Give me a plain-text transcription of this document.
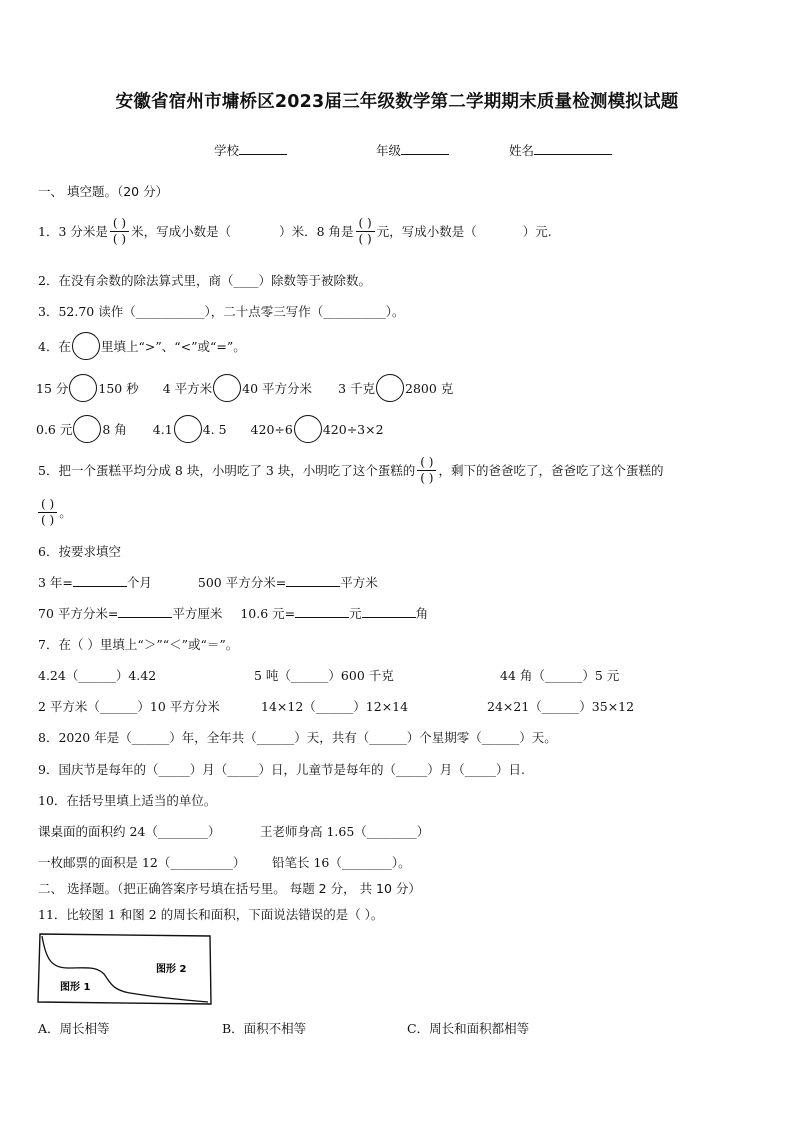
安徽省宿州市墉桥区2023届三年级数学第二学期期末质量检测模拟试题
学校	年级	姓名
一、 填空题。（20 分）
1．3 分米是 $\frac{( )}{( )}$ 米，写成小数是（	）米．8 角是 $\frac{( )}{( )}$ 元，写成小数是（	）元.
2．在没有余数的除法算式里，商（____）除数等于被除数。
3．52.70 读作（___________），二十点零三写作（__________）。
4．在 里填上“>”、“<”或“=”。
15 分 150 秒 4 平方米 40 平方分米 3 千克 2800 克
0.6 元 8 角 4.1 4. 5 420÷6 420÷3×2
5．把一个蛋糕平均分成 8 块，小明吃了 3 块，小明吃了这个蛋糕的 $\frac{( )}{( )}$ ，剩下的爸爸吃了，爸爸吃了这个蛋糕的
$\frac{( )}{( )}$ 。
6．按要求填空
3 年=	个月	500 平方分米=	平方米
70 平方分米=	平方厘米 10.6 元=	元	角
7．在（ ）里填上“＞”“＜”或“＝”。
4.24（______）4.42	5 吨（______）600 千克	44 角（______）5 元
2 平方米（______）10 平方分米	14×12（______）12×14	24×21（______）35×12
8．2020 年是（______）年，全年共（______）天，共有（______）个星期零（______）天。
9．国庆节是每年的（_____）月（_____）日，儿童节是每年的（_____）月（_____）日.
10．在括号里填上适当的单位。
课桌面的面积约 24（________）	王老师身高 1.65（________）
一枚邮票的面积是 12（__________） 铅笔长 16（________）。
二、 选择题。（把正确答案序号填在括号里。 每题 2 分， 共 10 分）
11．比较图 1 和图 2 的周长和面积，下面说法错误的是（ ）。
图形 2
图形 1
A．周长相等	B．面积不相等	C．周长和面积都相等
